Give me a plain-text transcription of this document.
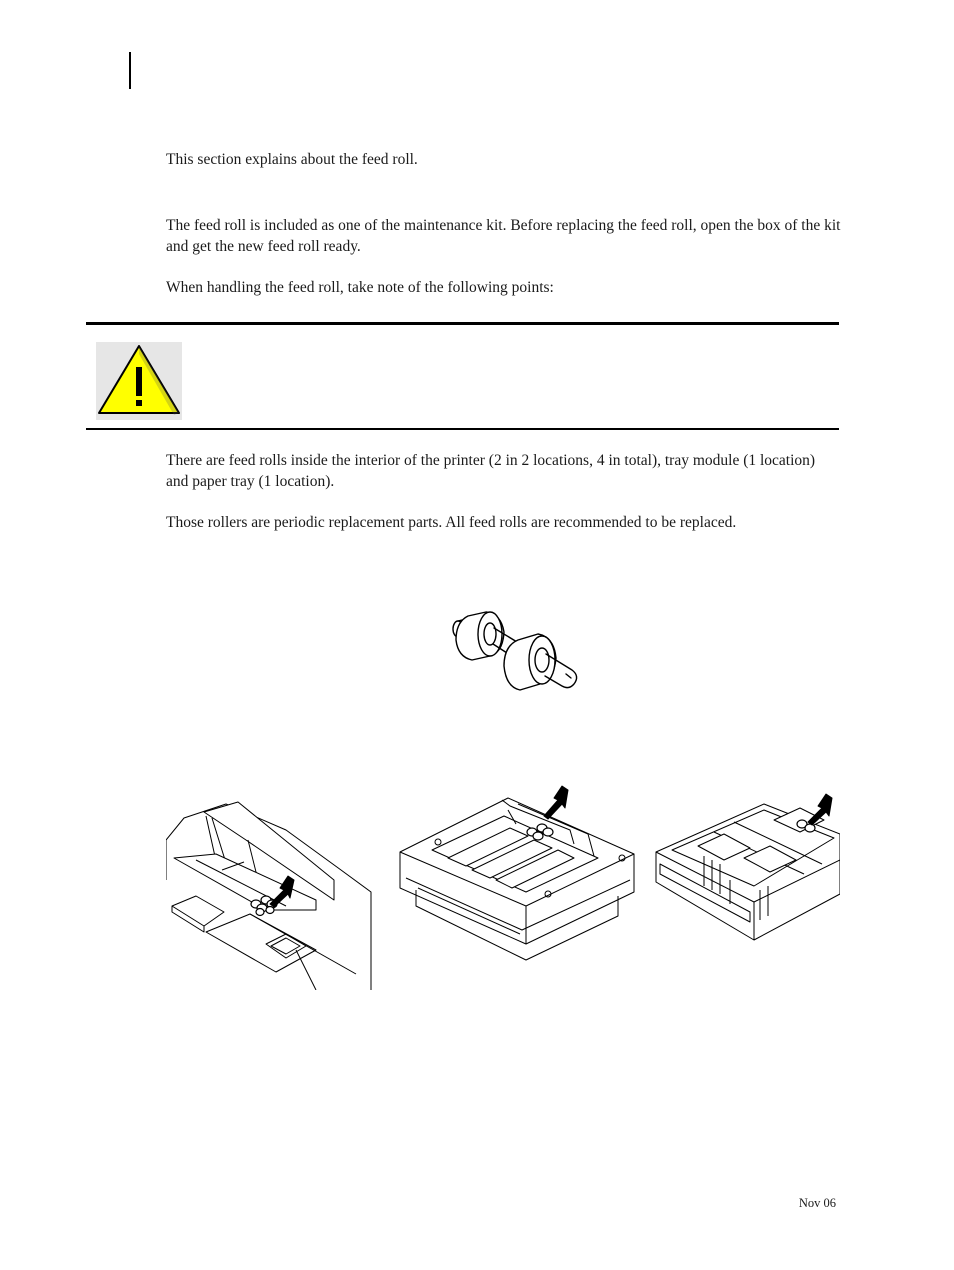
This section explains about the feed roll.

The feed roll is included as one of the maintenance kit. Before replacing the feed roll, open the box of the kit and get the new feed roll ready.

When handling the feed roll, take note of the following points:

There are feed rolls inside the interior of the printer (2 in 2 locations, 4 in total), tray module (1 location) and paper tray (1 location).

Those rollers are periodic replacement parts. All feed rolls are recommended to be replaced.

Nov 06
